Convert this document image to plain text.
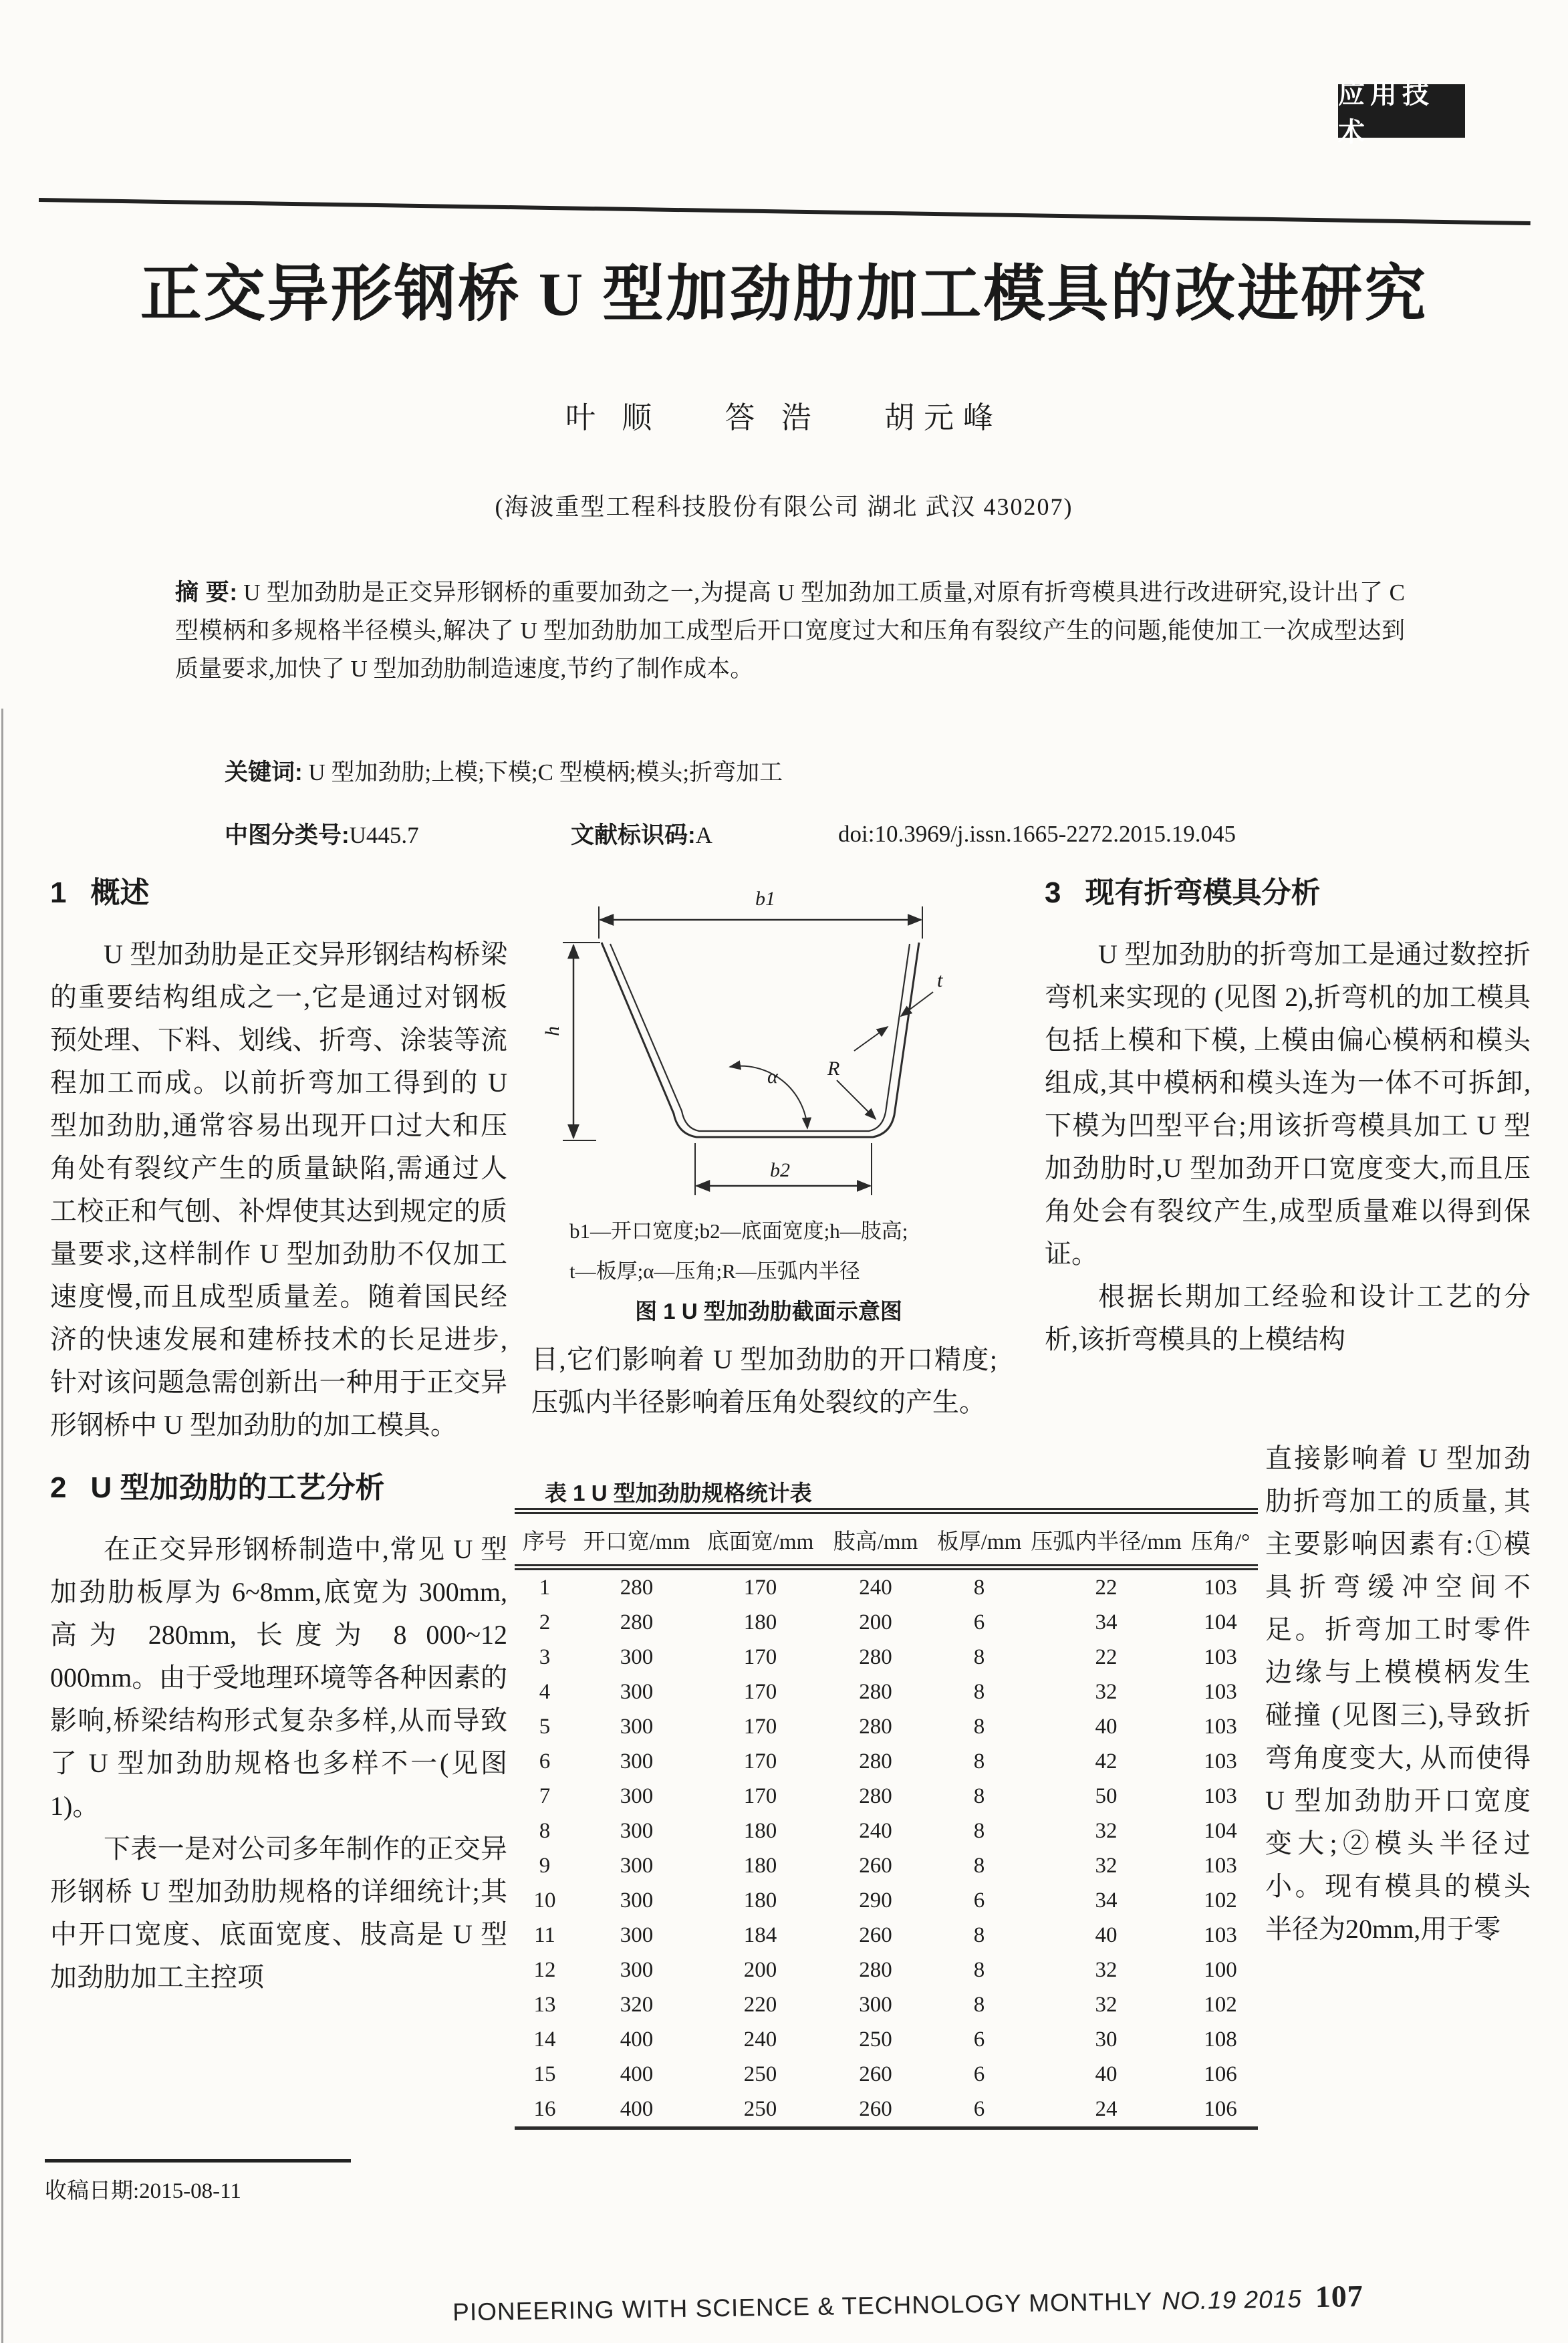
应用技术
正交异形钢桥 U 型加劲肋加工模具的改进研究
叶 顺 答 浩 胡元峰
(海波重型工程科技股份有限公司 湖北 武汉 430207)
摘 要: U 型加劲肋是正交异形钢桥的重要加劲之一,为提高 U 型加劲加工质量,对原有折弯模具进行改进研究,设计出了 C 型模柄和多规格半径模头,解决了 U 型加劲肋加工成型后开口宽度过大和压角有裂纹产生的问题,能使加工一次成型达到质量要求,加快了 U 型加劲肋制造速度,节约了制作成本。
关键词: U 型加劲肋;上模;下模;C 型模柄;模头;折弯加工
中图分类号:U445.7	文献标识码:A	doi:10.3969/j.issn.1665-2272.2015.19.045
1 概述

U 型加劲肋是正交异形钢结构桥梁的重要结构组成之一,它是通过对钢板预处理、下料、划线、折弯、涂装等流程加工而成。以前折弯加工得到的 U 型加劲肋,通常容易出现开口过大和压角处有裂纹产生的质量缺陷,需通过人工校正和气刨、补焊使其达到规定的质量要求,这样制作 U 型加劲肋不仅加工速度慢,而且成型质量差。随着国民经济的快速发展和建桥技术的长足进步,针对该问题急需创新出一种用于正交异形钢桥中 U 型加劲肋的加工模具。

2 U 型加劲肋的工艺分析

在正交异形钢桥制造中,常见 U 型加劲肋板厚为 6~8mm,底宽为 300mm, 高为 280mm, 长度为 8 000~12 000mm。由于受地理环境等各种因素的影响,桥梁结构形式复杂多样,从而导致了 U 型加劲肋规格也多样不一(见图 1)。

下表一是对公司多年制作的正交异形钢桥 U 型加劲肋规格的详细统计;其中开口宽度、底面宽度、肢高是 U 型加劲肋加工主控项

b1
h
b2
t
α R
b1—开口宽度;b2—底面宽度;h—肢高;
t—板厚;α—压角;R—压弧内半径
图 1 U 型加劲肋截面示意图
目,它们影响着 U 型加劲肋的开口精度;压弧内半径影响着压角处裂纹的产生。
表 1 U 型加劲肋规格统计表
序号	开口宽/mm	底面宽/mm	肢高/mm	板厚/mm	压弧内半径/mm	压角/°
1	280	170	240	8	22	103
2	280	180	200	6	34	104
3	300	170	280	8	22	103
4	300	170	280	8	32	103
5	300	170	280	8	40	103
6	300	170	280	8	42	103
7	300	170	280	8	50	103
8	300	180	240	8	32	104
9	300	180	260	8	32	103
10	300	180	290	6	34	102
11	300	184	260	8	40	103
12	300	200	280	8	32	100
13	320	220	300	8	32	102
14	400	240	250	6	30	108
15	400	250	260	6	40	106
16	400	250	260	6	24	106
3 现有折弯模具分析

U 型加劲肋的折弯加工是通过数控折弯机来实现的 (见图 2),折弯机的加工模具包括上模和下模, 上模由偏心模柄和模头组成,其中模柄和模头连为一体不可拆卸,下模为凹型平台;用该折弯模具加工 U 型加劲肋时,U 型加劲开口宽度变大,而且压角处会有裂纹产生,成型质量难以得到保证。

根据长期加工经验和设计工艺的分析,该折弯模具的上模结构

直接影响着 U 型加劲肋折弯加工的质量, 其主要影响因素有:①模具折弯缓冲空间不足。折弯加工时零件边缘与上模模柄发生碰撞 (见图三),导致折弯角度变大, 从而使得 U 型加劲肋开口宽度变大;②模头半径过小。现有模具的模头半径为20mm,用于零
收稿日期:2015-08-11
PIONEERING WITH SCIENCE & TECHNOLOGY MONTHLY NO.19 2015 107
